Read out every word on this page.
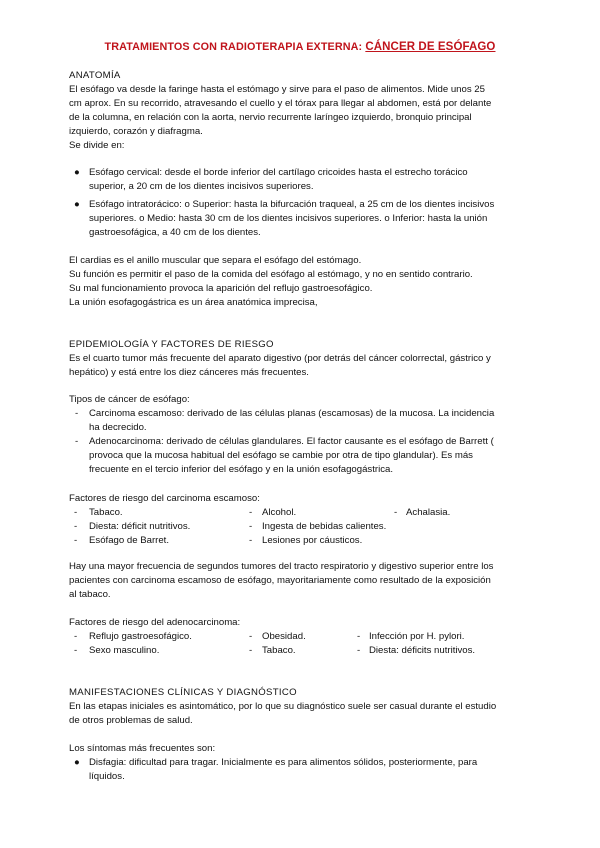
TRATAMIENTOS CON RADIOTERAPIA EXTERNA: CÁNCER DE ESÓFAGO

ANATOMÍA

El esófago va desde la faringe hasta el estómago y sirve para el paso de alimentos. Mide unos 25

cm aprox. En su recorrido, atravesando el cuello y el tórax para llegar al abdomen, está por delante

de la columna, en relación con la aorta, nervio recurrente laríngeo izquierdo, bronquio principal

izquierdo, corazón y diafragma.

Se divide en:

● Esófago cervical: desde el borde inferior del cartílago cricoides hasta el estrecho torácico

superior, a 20 cm de los dientes incisivos superiores.

● Esófago intratorácico: o Superior: hasta la bifurcación traqueal, a 25 cm de los dientes incisivos

superiores. o Medio: hasta 30 cm de los dientes incisivos superiores. o Inferior: hasta la unión

gastroesofágica, a 40 cm de los dientes.

El cardias es el anillo muscular que separa el esófago del estómago.

Su función es permitir el paso de la comida del esófago al estómago, y no en sentido contrario.

Su mal funcionamiento provoca la aparición del reflujo gastroesofágico.

La unión esofagogástrica es un área anatómica imprecisa,

EPIDEMIOLOGÍA Y FACTORES DE RIESGO

Es el cuarto tumor más frecuente del aparato digestivo (por detrás del cáncer colorrectal, gástrico y

hepático) y está entre los diez cánceres más frecuentes.

Tipos de cáncer de esófago:

- Carcinoma escamoso: derivado de las células planas (escamosas) de la mucosa. La incidencia

ha decrecido.

- Adenocarcinoma: derivado de células glandulares. El factor causante es el esófago de Barrett (

provoca que la mucosa habitual del esófago se cambie por otra de tipo glandular). Es más

frecuente en el tercio inferior del esófago y en la unión esofagogástrica.

Factores de riesgo del carcinoma escamoso:

- Tabaco.	- Alcohol.	- Achalasia.
- Diesta: déficit nutritivos.	- Ingesta de bebidas calientes.
- Esófago de Barret.	- Lesiones por cáusticos.

Hay una mayor frecuencia de segundos tumores del tracto respiratorio y digestivo superior entre los

pacientes con carcinoma escamoso de esófago, mayoritariamente como resultado de la exposición

al tabaco.

Factores de riesgo del adenocarcinoma:

- Reflujo gastroesofágico.	- Obesidad.	- Infección por H. pylori.
- Sexo masculino.	- Tabaco.	- Diesta: déficits nutritivos.

MANIFESTACIONES CLÍNICAS Y DIAGNÓSTICO

En las etapas iniciales es asintomático, por lo que su diagnóstico suele ser casual durante el estudio

de otros problemas de salud.

Los síntomas más frecuentes son:

● Disfagia: dificultad para tragar. Inicialmente es para alimentos sólidos, posteriormente, para

líquidos.
